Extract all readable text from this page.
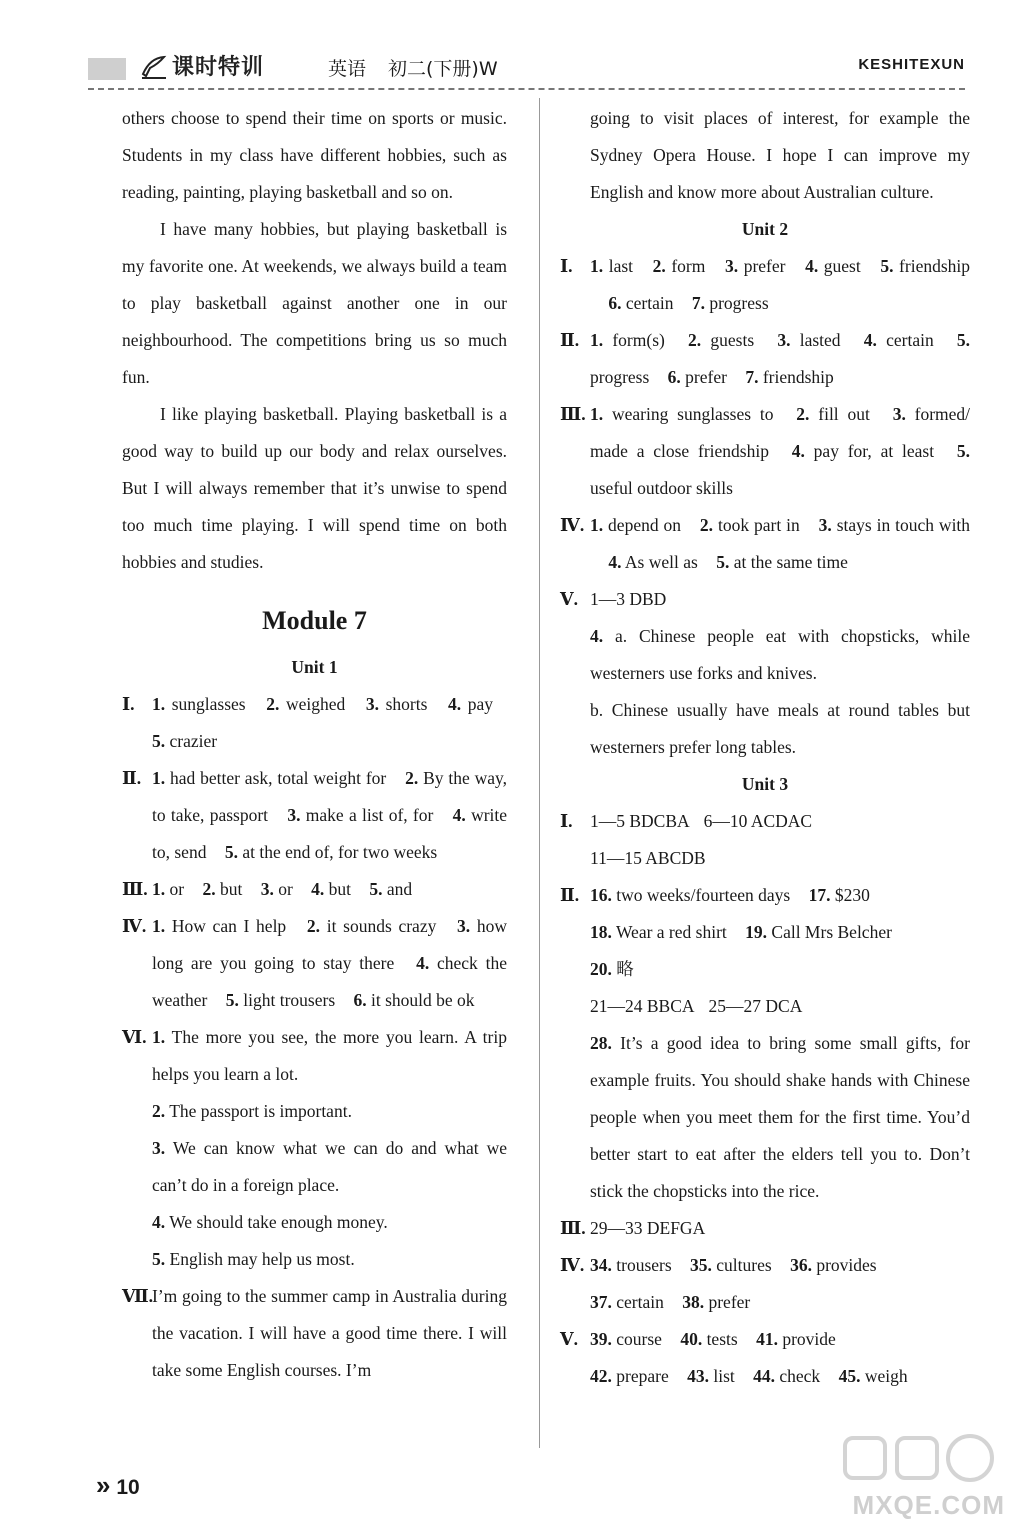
课时特训	英语 初二(下册)W	KESHITEXUN
others choose to spend their time on sports or music. Students in my class have different hobbies, such as reading, painting, playing basketball and so on.
I have many hobbies, but playing basketball is my favorite one. At weekends, we always build a team to play basketball against another one in our neighbourhood. The competitions bring us so much fun.
I like playing basketball. Playing basketball is a good way to build up our body and relax ourselves. But I will always remember that it’s unwise to spend too much time playing. I will spend time on both hobbies and studies.
Module 7
Unit 1
Ⅰ. 1. sunglasses 2. weighed 3. shorts 4. pay 5. crazier
Ⅱ. 1. had better ask, total weight for 2. By the way, to take, passport 3. make a list of, for 4. write to, send 5. at the end of, for two weeks
Ⅲ. 1. or 2. but 3. or 4. but 5. and
Ⅳ. 1. How can I help 2. it sounds crazy 3. how long are you going to stay there 4. check the weather 5. light trousers 6. it should be ok
Ⅵ. 1. The more you see, the more you learn. A trip helps you learn a lot.
2. The passport is important.
3. We can know what we can do and what we can’t do in a foreign place.
4. We should take enough money.
5. English may help us most.
Ⅶ.
I’m going to the summer camp in Australia during the vacation. I will have a good time there. I will take some English courses. I’m
going to visit places of interest, for example the Sydney Opera House. I hope I can improve my English and know more about Australian culture.
Unit 2
Ⅰ. 1. last 2. form 3. prefer 4. guest 5. friendship 6. certain 7. progress
Ⅱ. 1. form(s) 2. guests 3. lasted 4. certain 5. progress 6. prefer 7. friendship
Ⅲ. 1. wearing sunglasses to 2. fill out 3. formed/ made a close friendship 4. pay for, at least 5. useful outdoor skills
Ⅳ. 1. depend on 2. took part in 3. stays in touch with 4. As well as 5. at the same time
Ⅴ. 1—3 DBD
4. a. Chinese people eat with chopsticks, while westerners use forks and knives.
b. Chinese usually have meals at round tables but westerners prefer long tables.
Unit 3
Ⅰ. 1—5 BDCBA 6—10 ACDAC
11—15 ABCDB
Ⅱ. 16. two weeks/fourteen days 17. $230
18. Wear a red shirt 19. Call Mrs Belcher
20. 略
21—24 BBCA 25—27 DCA
28. It’s a good idea to bring some small gifts, for example fruits. You should shake hands with Chinese people when you meet them for the first time. You’d better start to eat after the elders tell you to. Don’t stick the chopsticks into the rice.
Ⅲ. 29—33 DEFGA
Ⅳ. 34. trousers 35. cultures 36. provides
37. certain 38. prefer
Ⅴ. 39. course 40. tests 41. provide
42. prepare 43. list 44. check 45. weigh
» 10
MXQE.COM
